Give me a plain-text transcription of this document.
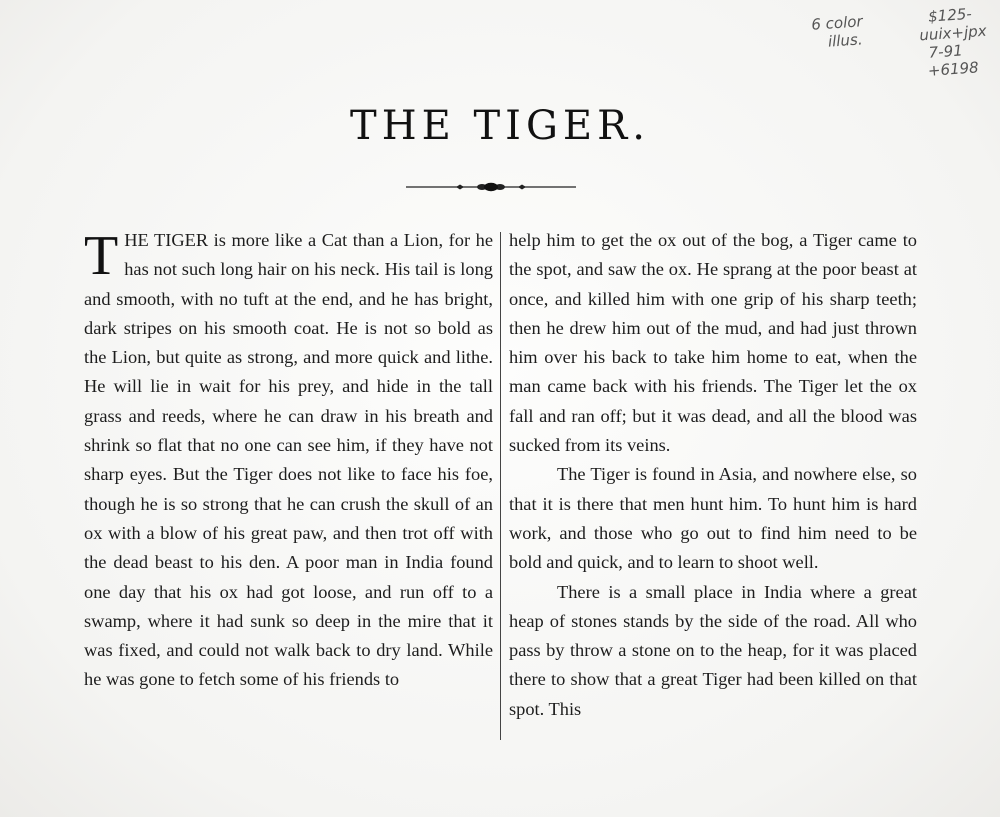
6 color
illus.
$125-
uuix+jpx
7-91
+6198
THE TIGER.

THE TIGER is more like a Cat than a Lion, for he has not such long hair on his neck. His tail is long and smooth, with no tuft at the end, and he has bright, dark stripes on his smooth coat. He is not so bold as the Lion, but quite as strong, and more quick and lithe. He will lie in wait for his prey, and hide in the tall grass and reeds, where he can draw in his breath and shrink so flat that no one can see him, if they have not sharp eyes. But the Tiger does not like to face his foe, though he is so strong that he can crush the skull of an ox with a blow of his great paw, and then trot off with the dead beast to his den. A poor man in India found one day that his ox had got loose, and run off to a swamp, where it had sunk so deep in the mire that it was fixed, and could not walk back to dry land. While he was gone to fetch some of his friends to

help him to get the ox out of the bog, a Tiger came to the spot, and saw the ox. He sprang at the poor beast at once, and killed him with one grip of his sharp teeth; then he drew him out of the mud, and had just thrown him over his back to take him home to eat, when the man came back with his friends. The Tiger let the ox fall and ran off; but it was dead, and all the blood was sucked from its veins.

The Tiger is found in Asia, and nowhere else, so that it is there that men hunt him. To hunt him is hard work, and those who go out to find him need to be bold and quick, and to learn to shoot well.

There is a small place in India where a great heap of stones stands by the side of the road. All who pass by throw a stone on to the heap, for it was placed there to show that a great Tiger had been killed on that spot. This
